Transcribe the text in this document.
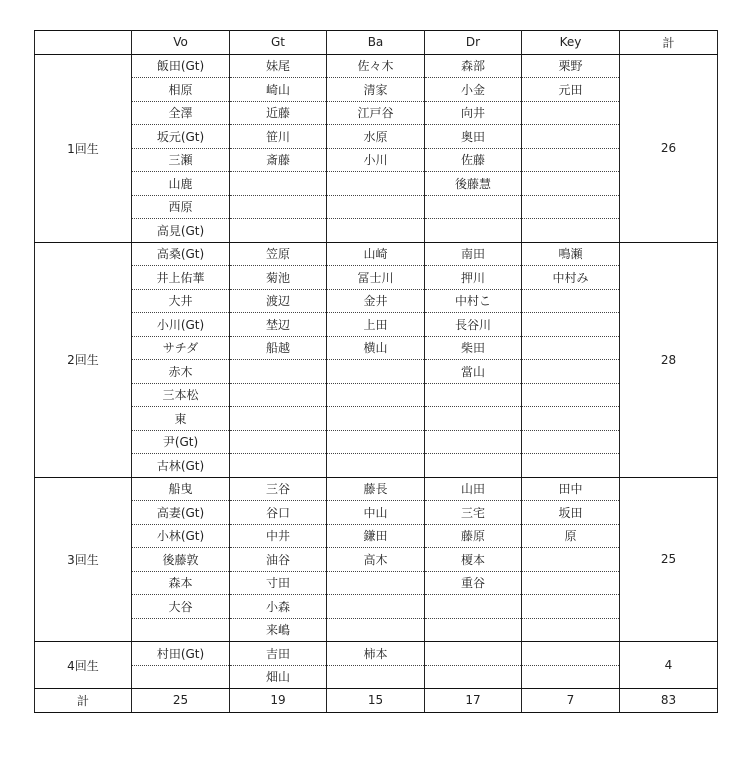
	Vo	Gt	Ba	Dr	Key	計
1回生	飯田(Gt)	妹尾	佐々木	森部	栗野	26
	相原	崎山	清家	小金	元田	
	全澤	近藤	江戸谷	向井		
	坂元(Gt)	笹川	水原	奥田		
	三瀬	斎藤	小川	佐藤		
	山鹿			後藤慧		
	西原					
	高見(Gt)					
2回生	高桑(Gt)	笠原	山崎	南田	鳴瀬	28
	井上佑華	菊池	冨士川	押川	中村み	
	大井	渡辺	金井	中村こ		
	小川(Gt)	埜辺	上田	長谷川		
	サチダ	船越	横山	柴田		
	赤木			當山		
	三本松					
	東					
	尹(Gt)					
	古林(Gt)					
3回生	船曳	三谷	藤長	山田	田中	25
	高妻(Gt)	谷口	中山	三宅	坂田	
	小林(Gt)	中井	鎌田	藤原	原	
	後藤敦	油谷	高木	榎本		
	森本	寸田		重谷		
	大谷	小森				
		来嶋				
4回生	村田(Gt)	吉田	柿本			4
		畑山				
計	25	19	15	17	7	83
